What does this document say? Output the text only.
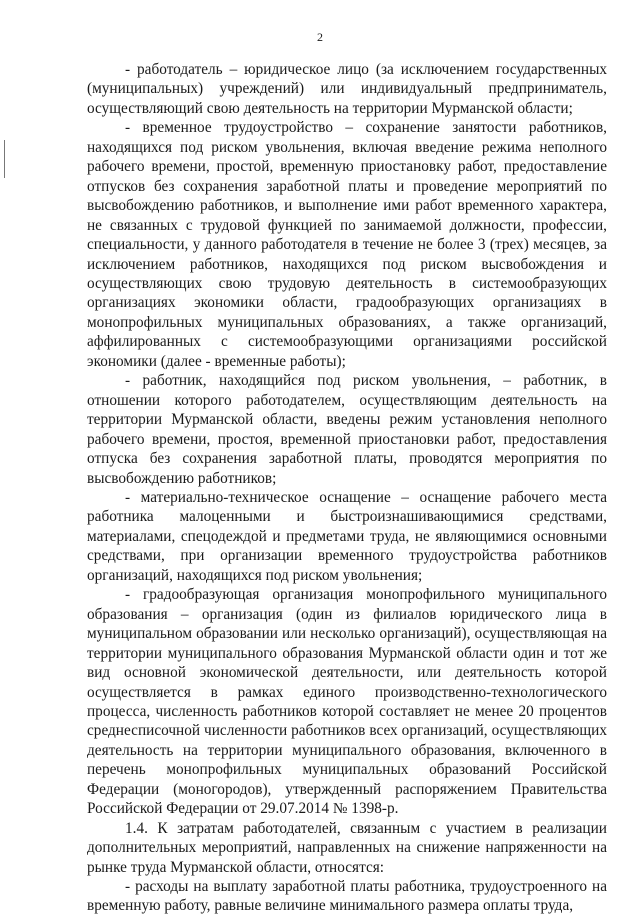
2

- работодатель – юридическое лицо (за исключением государственных (муниципальных) учреждений) или индивидуальный предприниматель, осуществляющий свою деятельность на территории Мурманской области;

- временное трудоустройство – сохранение занятости работников, находящихся под риском увольнения, включая введение режима неполного рабочего времени, простой, временную приостановку работ, предоставление отпусков без сохранения заработной платы и проведение мероприятий по высвобождению работников, и выполнение ими работ временного характера, не связанных с трудовой функцией по занимаемой должности, профессии, специальности, у данного работодателя в течение не более 3 (трех) месяцев, за исключением работников, находящихся под риском высвобождения и осуществляющих свою трудовую деятельность в системообразующих организациях экономики области, градообразующих организациях в монопрофильных муниципальных образованиях, а также организаций, аффилированных с системообразующими организациями российской экономики (далее - временные работы);

- работник, находящийся под риском увольнения, – работник, в отношении которого работодателем, осуществляющим деятельность на территории Мурманской области, введены режим установления неполного рабочего времени, простоя, временной приостановки работ, предоставления отпуска без сохранения заработной платы, проводятся мероприятия по высвобождению работников;

- материально-техническое оснащение – оснащение рабочего места работника малоценными и быстроизнашивающимися средствами, материалами, спецодеждой и предметами труда, не являющимися основными средствами, при организации временного трудоустройства работников организаций, находящихся под риском увольнения;

- градообразующая организация монопрофильного муниципального образования – организация (один из филиалов юридического лица в муниципальном образовании или несколько организаций), осуществляющая на территории муниципального образования Мурманской области один и тот же вид основной экономической деятельности, или деятельность которой осуществляется в рамках единого производственно-технологического процесса, численность работников которой составляет не менее 20 процентов среднесписочной численности работников всех организаций, осуществляющих деятельность на территории муниципального образования, включенного в перечень монопрофильных муниципальных образований Российской Федерации (моногородов), утвержденный распоряжением Правительства Российской Федерации от 29.07.2014 № 1398-р.

1.4. К затратам работодателей, связанным с участием в реализации дополнительных мероприятий, направленных на снижение напряженности на рынке труда Мурманской области, относятся:

- расходы на выплату заработной платы работника, трудоустроенного на временную работу, равные величине минимального размера оплаты труда,
